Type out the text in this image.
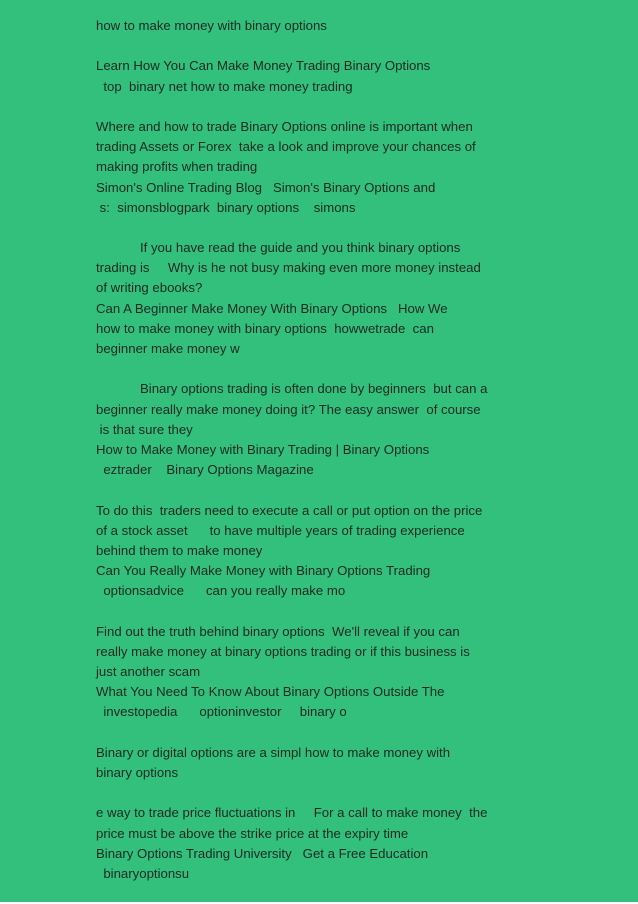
how to make money with binary options
Learn How You Can Make Money Trading Binary Options
top  binary net how to make money trading
Where and how to trade Binary Options online is important when
trading Assets or Forex  take a look and improve your chances of
making profits when trading
Simon's Online Trading Blog   Simon's Binary Options and
s:  simonsblogpark  binary options    simons
If you have read the guide and you think binary options
trading is     Why is he not busy making even more money instead
of writing ebooks?
Can A Beginner Make Money With Binary Options   How We
how to make money with binary options  howwetrade  can
beginner make money w
Binary options trading is often done by beginners  but can a
beginner really make money doing it? The easy answer  of course
is that sure they
How to Make Money with Binary Trading | Binary Options
eztrader    Binary Options Magazine
To do this  traders need to execute a call or put option on the price
of a stock asset      to have multiple years of trading experience
behind them to make money
Can You Really Make Money with Binary Options Trading
optionsadvice      can you really make mo
Find out the truth behind binary options  We'll reveal if you can
really make money at binary options trading or if this business is
just another scam
What You Need To Know About Binary Options Outside The
investopedia      optioninvestor     binary o
Binary or digital options are a simpl how to make money with
binary options
e way to trade price fluctuations in     For a call to make money  the
price must be above the strike price at the expiry time
Binary Options Trading University   Get a Free Education
binaryoptionsu
